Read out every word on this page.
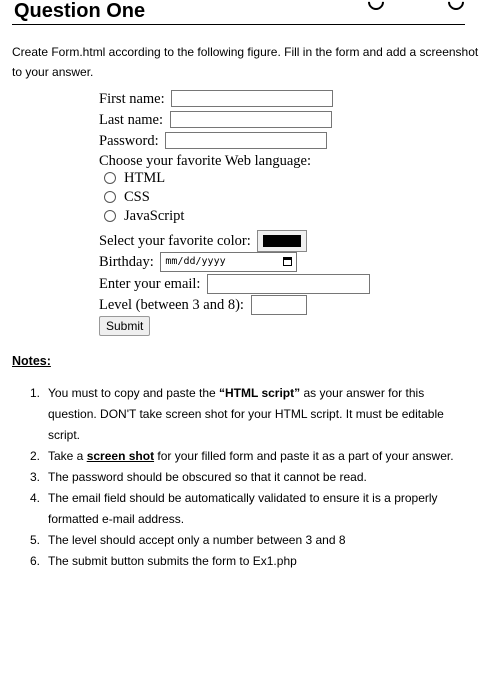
Question One

Create Form.html according to the following figure. Fill in the form and add a screenshot to your answer.

First name:
Last name:
Password:
Choose your favorite Web language:
HTML
CSS
JavaScript
Select your favorite color:
Birthday: mm/dd/yyyy
Enter your email:
Level (between 3 and 8):
Submit

Notes:

1. You must to copy and paste the “HTML script” as your answer for this question. DON'T take screen shot for your HTML script. It must be editable script.
2. Take a screen shot for your filled form and paste it as a part of your answer.
3. The password should be obscured so that it cannot be read.
4. The email field should be automatically validated to ensure it is a properly formatted e-mail address.
5. The level should accept only a number between 3 and 8
6. The submit button submits the form to Ex1.php
